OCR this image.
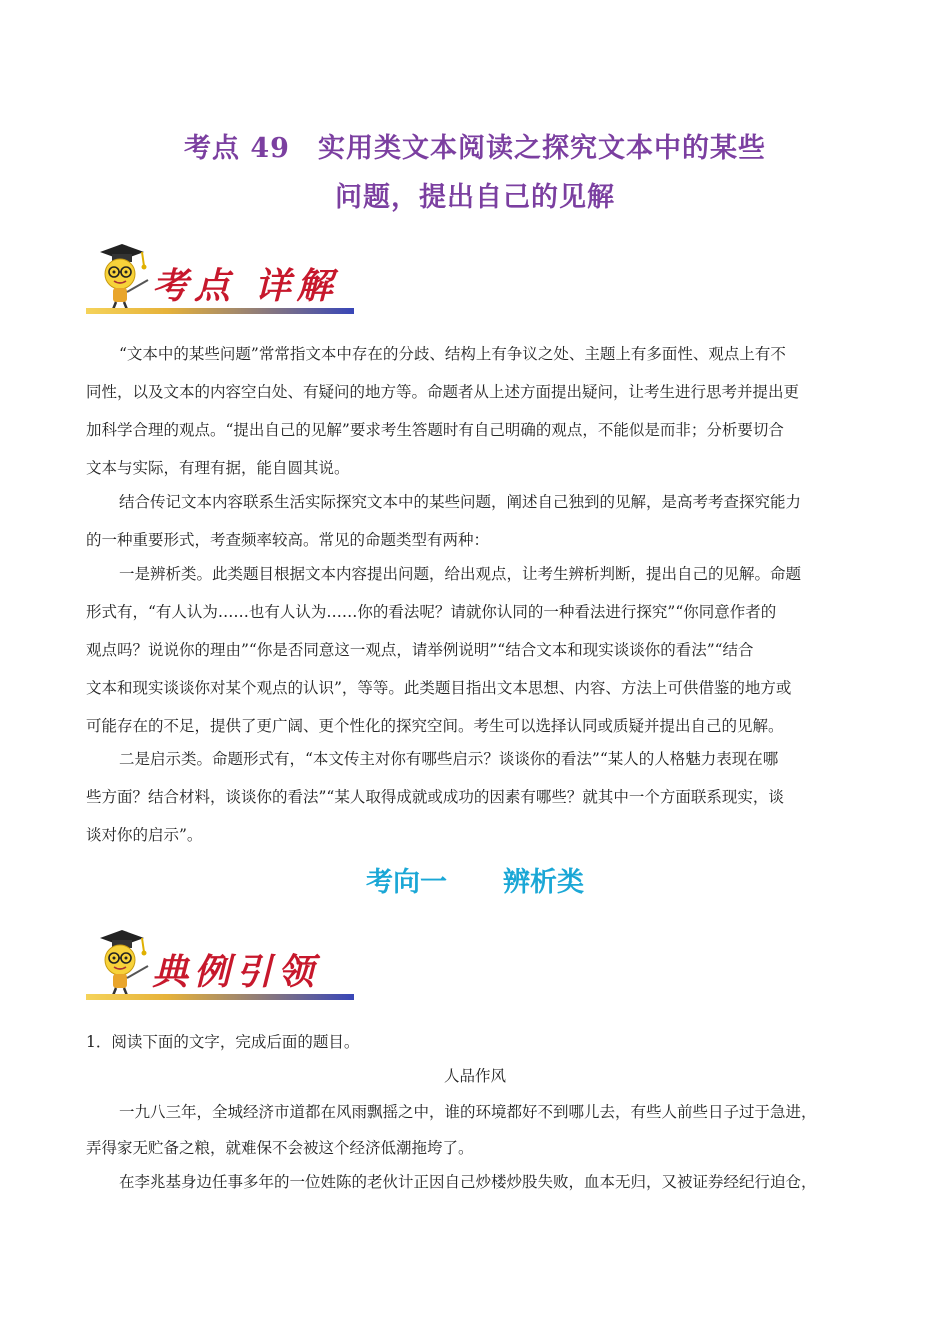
考点 49　实用类文本阅读之探究文本中的某些
问题，提出自己的见解
考点 详解
“文本中的某些问题”常常指文本中存在的分歧、结构上有争议之处、主题上有多面性、观点上有不
同性，以及文本的内容空白处、有疑问的地方等。命题者从上述方面提出疑问，让考生进行思考并提出更
加科学合理的观点。“提出自己的见解”要求考生答题时有自己明确的观点，不能似是而非；分析要切合
文本与实际，有理有据，能自圆其说。
结合传记文本内容联系生活实际探究文本中的某些问题，阐述自己独到的见解，是高考考查探究能力
的一种重要形式，考查频率较高。常见的命题类型有两种：
一是辨析类。此类题目根据文本内容提出问题，给出观点，让考生辨析判断，提出自己的见解。命题
形式有，“有人认为……也有人认为……你的看法呢？请就你认同的一种看法进行探究”“你同意作者的
观点吗？说说你的理由”“你是否同意这一观点，请举例说明”“结合文本和现实谈谈你的看法”“结合
文本和现实谈谈你对某个观点的认识”，等等。此类题目指出文本思想、内容、方法上可供借鉴的地方或
可能存在的不足，提供了更广阔、更个性化的探究空间。考生可以选择认同或质疑并提出自己的见解。
二是启示类。命题形式有，“本文传主对你有哪些启示？谈谈你的看法”“某人的人格魅力表现在哪
些方面？结合材料，谈谈你的看法”“某人取得成就或成功的因素有哪些？就其中一个方面联系现实，谈
谈对你的启示”。
考向一 辨析类
典例引领
1．阅读下面的文字，完成后面的题目。
人品作风
一九八三年，全城经济市道都在风雨飘摇之中，谁的环境都好不到哪儿去，有些人前些日子过于急进，
弄得家无贮备之粮，就难保不会被这个经济低潮拖垮了。
在李兆基身边任事多年的一位姓陈的老伙计正因自己炒楼炒股失败，血本无归，又被证券经纪行迫仓，
